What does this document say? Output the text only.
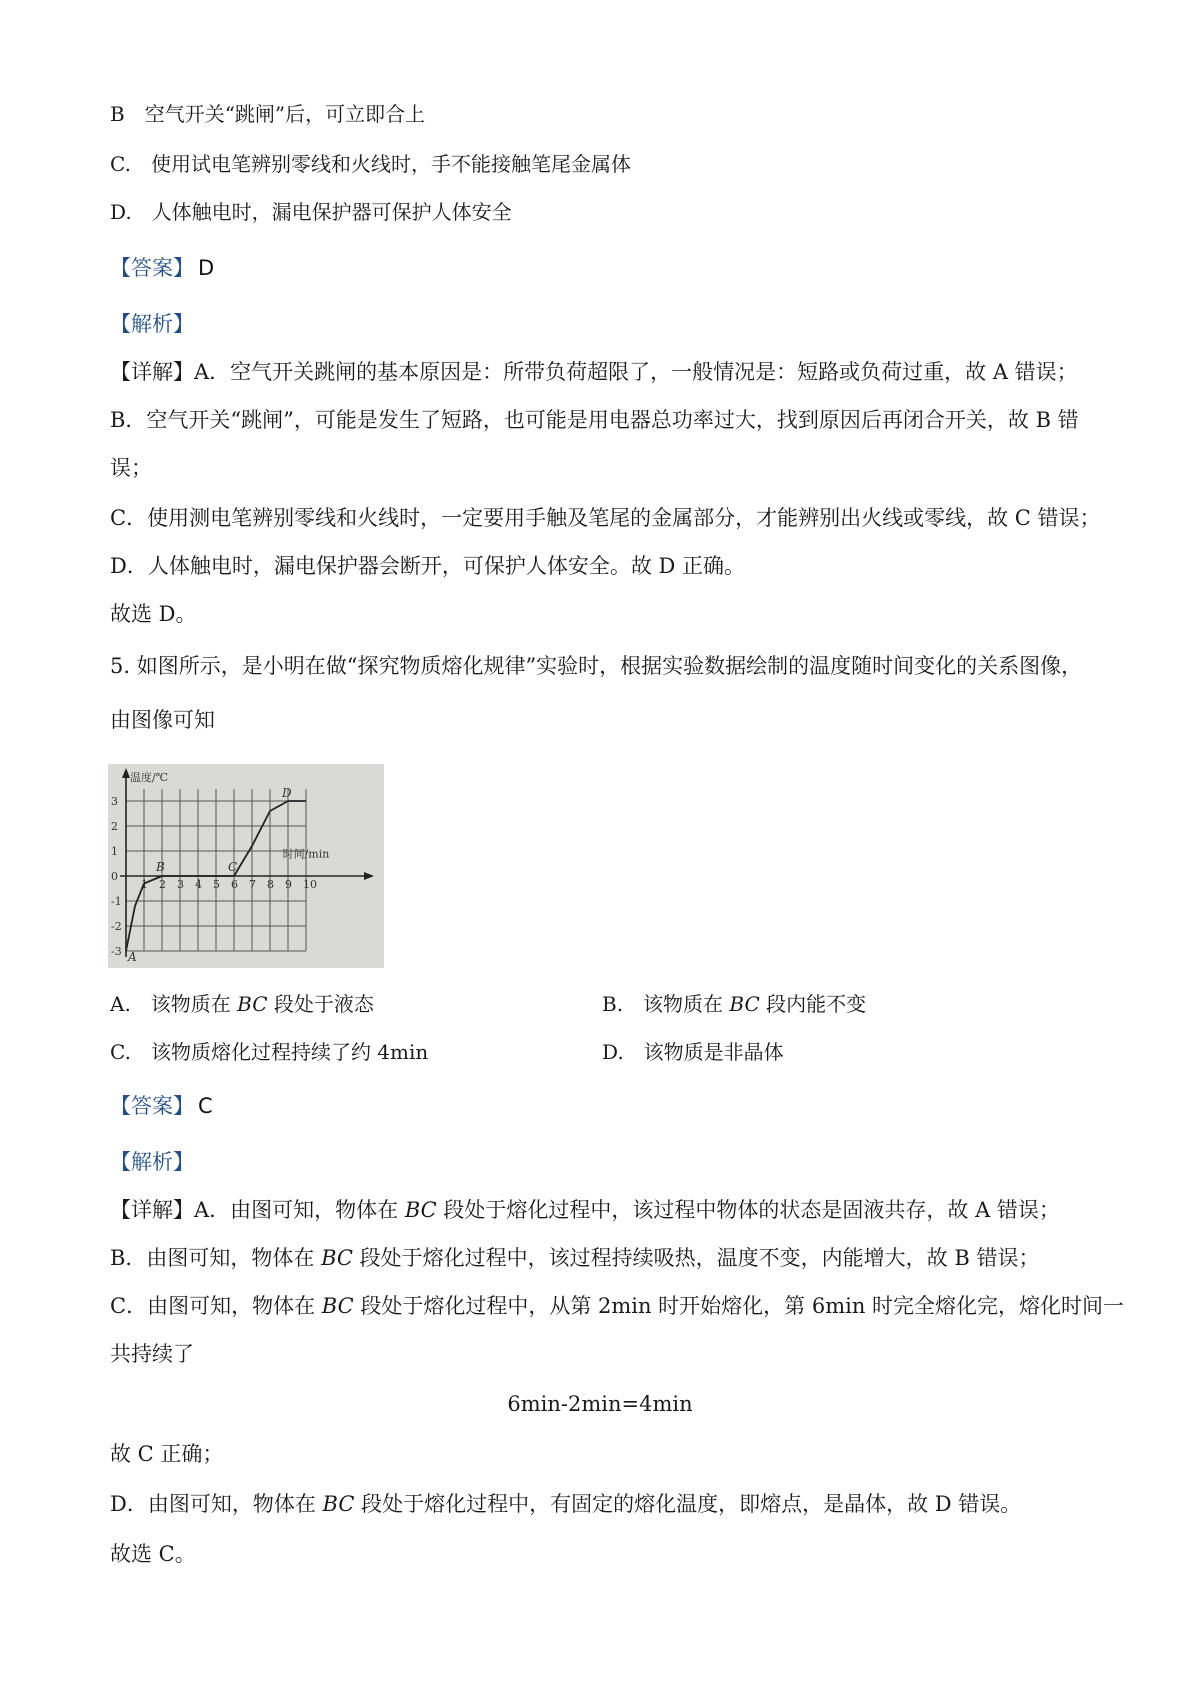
B　空气开关“跳闸”后，可立即合上
C.　使用试电笔辨别零线和火线时，手不能接触笔尾金属体
D.　人体触电时，漏电保护器可保护人体安全
【答案】 D
【解析】
【详解】A．空气开关跳闸的基本原因是：所带负荷超限了，一般情况是：短路或负荷过重，故 A 错误；
B．空气开关“跳闸”，可能是发生了短路，也可能是用电器总功率过大，找到原因后再闭合开关，故 B 错
误；
C．使用测电笔辨别零线和火线时，一定要用手触及笔尾的金属部分，才能辨别出火线或零线，故 C 错误；
D．人体触电时，漏电保护器会断开，可保护人体安全。故 D 正确。
故选 D。
5. 如图所示，是小明在做“探究物质熔化规律”实验时，根据实验数据绘制的温度随时间变化的关系图像，
由图像可知
温度/℃
时间/min
1 2 3 4 5 6 7 8 9 10
3
2
1
0
-1
-2
-3 A
B	C
D
A.　该物质在 BC 段处于液态	B.　该物质在 BC 段内能不变
C.　该物质熔化过程持续了约 4min	D.　该物质是非晶体
【答案】 C
【解析】
【详解】A．由图可知，物体在 BC 段处于熔化过程中，该过程中物体的状态是固液共存，故 A 错误；
B．由图可知，物体在 BC 段处于熔化过程中，该过程持续吸热，温度不变，内能增大，故 B 错误；
C．由图可知，物体在 BC 段处于熔化过程中，从第 2min 时开始熔化，第 6min 时完全熔化完，熔化时间一
共持续了
6min-2min=4min
故 C 正确；
D．由图可知，物体在 BC 段处于熔化过程中，有固定的熔化温度，即熔点，是晶体，故 D 错误。
故选 C。
